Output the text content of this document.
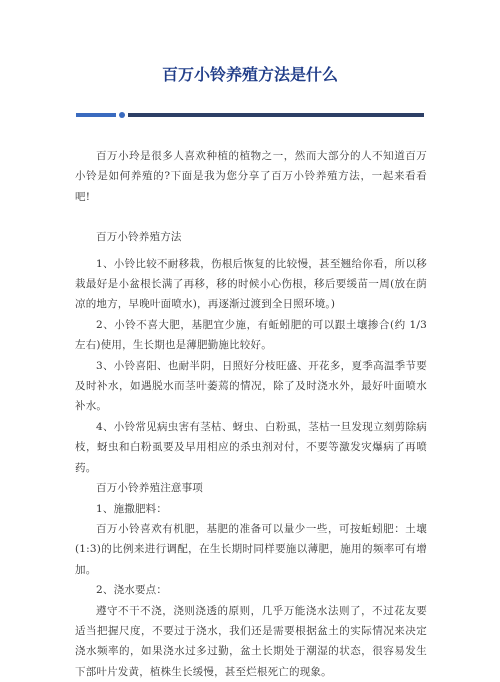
百万小铃养殖方法是什么

百万小玲是很多人喜欢种植的植物之一，然而大部分的人不知道百万小铃是如何养殖的?下面是我为您分享了百万小铃养殖方法，一起来看看吧!

百万小铃养殖方法

1、小铃比较不耐移栽，伤根后恢复的比较慢，甚至翘给你看，所以移栽最好是小盆根长满了再移，移的时候小心伤根，移后要缓苗一周(放在荫凉的地方，早晚叶面喷水)，再逐渐过渡到全日照环境。)

2、小铃不喜大肥，基肥宜少施，有蚯蚓肥的可以跟土壤掺合(约 1/3 左右)使用，生长期也是薄肥勤施比较好。

3、小铃喜阳、也耐半阴，日照好分枝旺盛、开花多，夏季高温季节要及时补水，如遇脱水而茎叶萎蔫的情况，除了及时浇水外，最好叶面喷水补水。

4、小铃常见病虫害有茎枯、蚜虫、白粉虱，茎枯一旦发现立刻剪除病枝，蚜虫和白粉虱要及早用相应的杀虫剂对付，不要等激发灾爆病了再喷药。

百万小铃养殖注意事项

1、施撒肥料：

百万小铃喜欢有机肥，基肥的准备可以量少一些，可按蚯蚓肥：土壤(1:3)的比例来进行调配，在生长期时同样要施以薄肥，施用的频率可有增加。

2、浇水要点：

遵守不干不浇，浇则浇透的原则，几乎万能浇水法则了，不过花友要适当把握尺度，不要过于浇水，我们还是需要根据盆土的实际情况来决定浇水频率的，如果浇水过多过勤，盆土长期处于潮湿的状态，很容易发生下部叶片发黄，植株生长缓慢，甚至烂根死亡的现象。
